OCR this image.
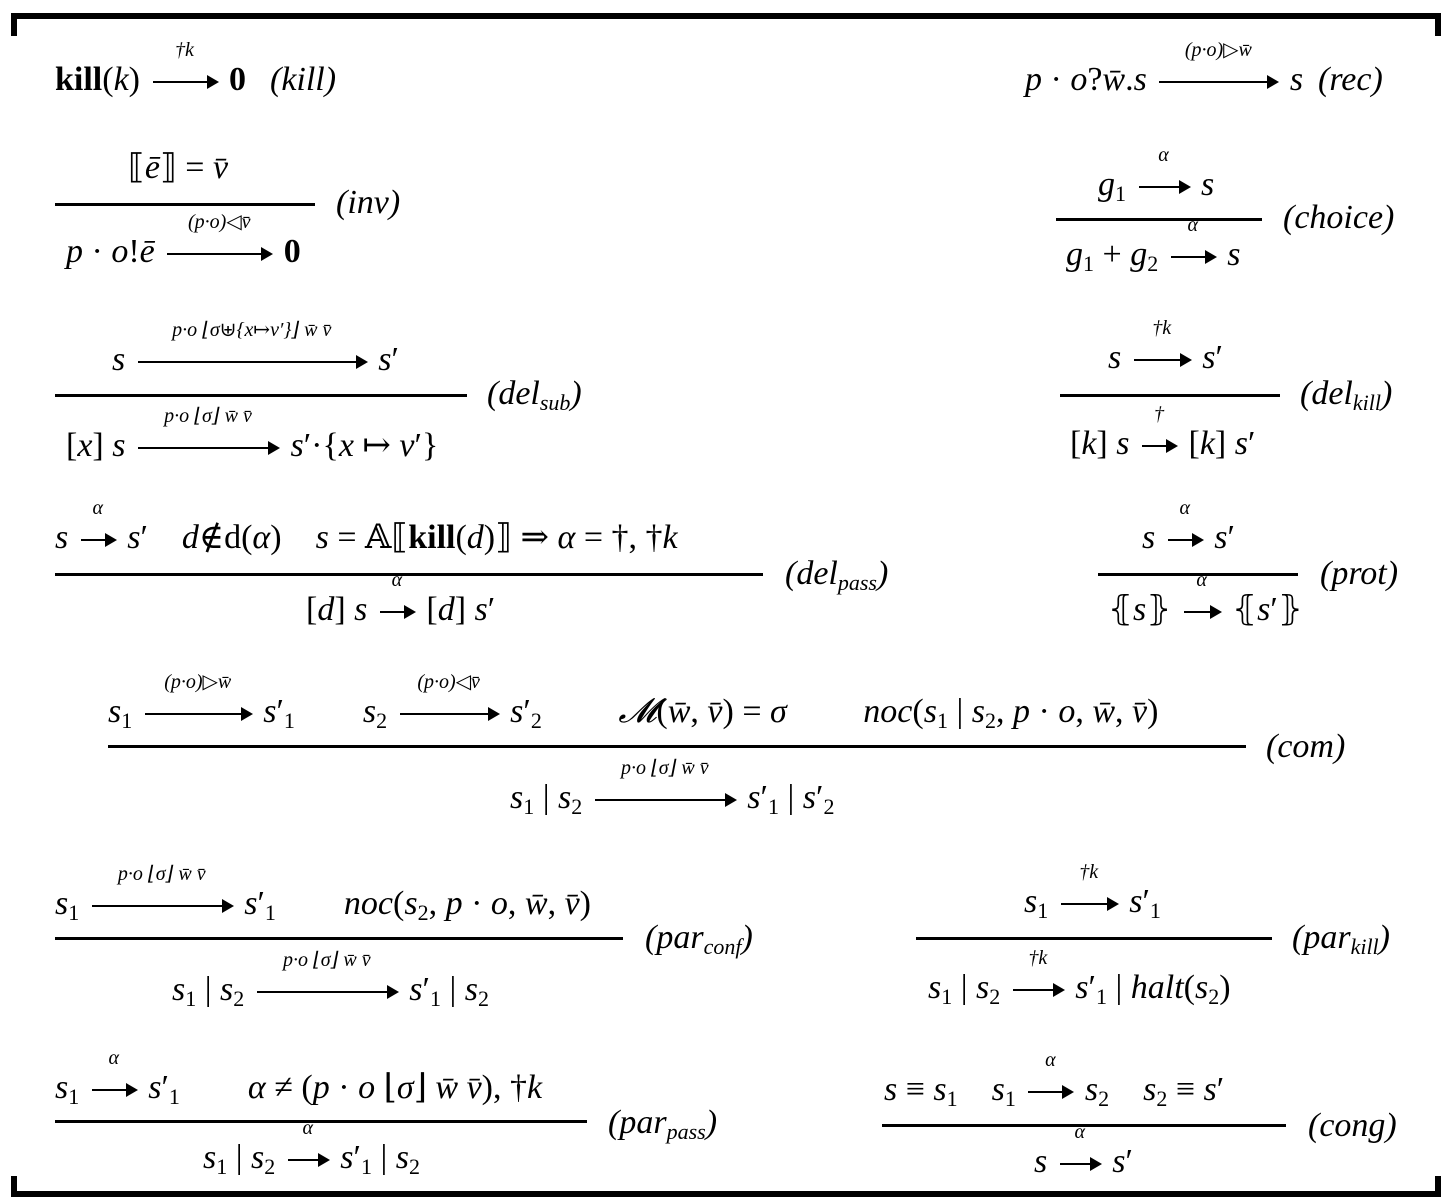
kill(k)
†k
0 (kill)	p · o?w̄.s
(p·o)▷w̄
s (rec)
⟦ē⟧ = v̄
p · o!ē
(p·o)◁v̄
0
(inv)	g1
α
s
g1 + g2
α
s
(choice)
s
p·o ⌊σ⊎{x↦v′}⌋ w̄ v̄
s′
[x] s
p·o ⌊σ⌋ w̄ v̄
s′·{x ↦ v′}
(del$_{sub}$)
s
†k
s′
[k] s
†
[k] s′
(del$_{kill}$)
s
α
s′    d∉d(α)    s = 𝔸⟦kill(d)⟧ ⇒ α = †, †k
[d] s
α
[d] s′
(del$_{pass}$)
s
α
s′
⦃s⦄
α
⦃s′⦄
(prot)
s1
(p·o)▷w̄
s′1 s2
(p·o)◁v̄
s′2 𝓜(w̄, v̄) = σ noc(s1 | s2, p · o, w̄, v̄)
s1 | s2
p·o ⌊σ⌋ w̄ v̄
s′1 | s′2
(com)
s1
p·o ⌊σ⌋ w̄ v̄
s′1 noc(s2, p · o, w̄, v̄)
s1 | s2
p·o ⌊σ⌋ w̄ v̄
s′1 | s2
(par$_{conf}$)
s1
†k
s′1
s1 | s2
†k
s′1 | halt(s2)
(par$_{kill}$)
s1
α
s′1 α ≠ (p · o ⌊σ⌋ w̄ v̄), †k
s1 | s2
α
s′1 | s2
(par$_{pass}$)
s ≡ s1 s1
α
s2 s2 ≡ s′
s
α
s′
(cong)
